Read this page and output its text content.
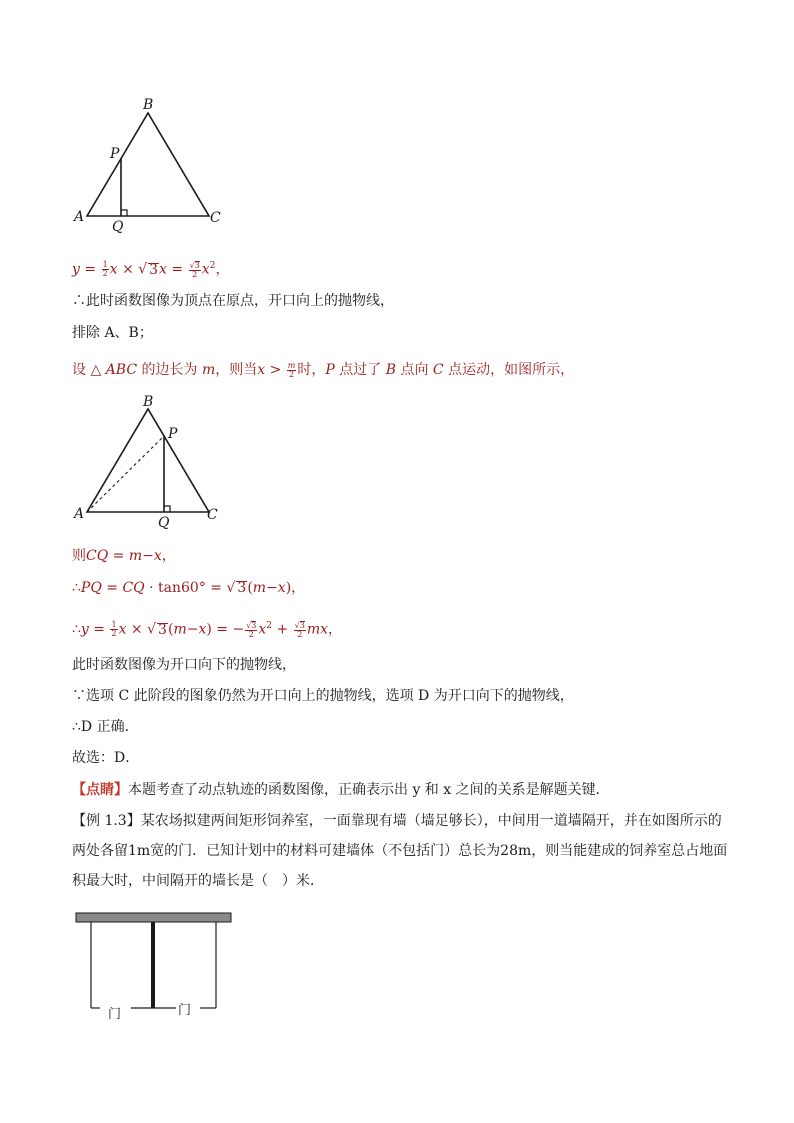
B
P
A
Q
C
$y = \frac{1}{2}$ x × √ $3x = \frac{√3}{2} x^2$，
∴此时函数图像为顶点在原点，开口向上的抛物线，
排除 A、B；
设 △ ABC 的边长为 m，则当$x > \frac{m}{2}$ 时，P 点过了 B 点向 C 点运动，如图所示，
B
P
A
Q	C
则CQ = m−x，
∴PQ = CQ · tan60° = √ 3(m−x)，
∴y = $\frac{1}{2}$ x × √ 3(m−x) = − $\frac{√3}{2} x^2 + \frac{√3}{2}$ mx，
此时函数图像为开口向下的抛物线，
∵选项 C 此阶段的图象仍然为开口向上的抛物线，选项 D 为开口向下的抛物线，
∴D 正确．
故选：D．
【点睛】本题考查了动点轨迹的函数图像，正确表示出 y 和 x 之间的关系是解题关键．
【例 1.3】某农场拟建两间矩形饲养室，一面靠现有墙（墙足够长），中间用一道墙隔开，并在如图所示的两处各留1m宽的门．已知计划中的材料可建墙体（不包括门）总长为28m，则当能建成的饲养室总占地面积最大时，中间隔开的墙长是（　）米．
门	门
